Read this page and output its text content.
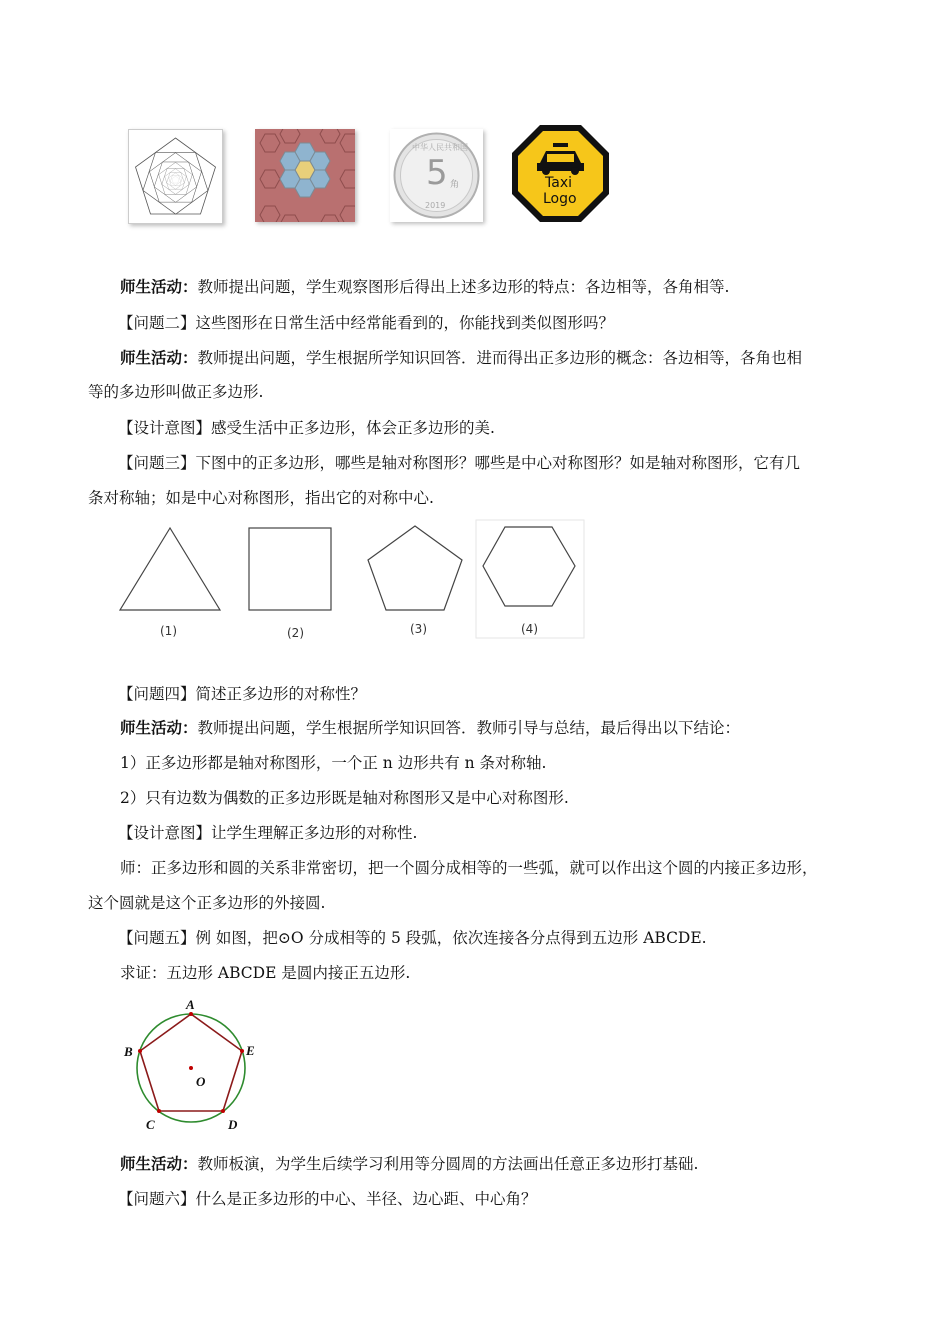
5 角
中华人民共和国
2019
Taxi
Logo
师生活动：教师提出问题，学生观察图形后得出上述多边形的特点：各边相等，各角相等.
【问题二】这些图形在日常生活中经常能看到的，你能找到类似图形吗？
师生活动：教师提出问题，学生根据所学知识回答．进而得出正多边形的概念：各边相等，各角也相
等的多边形叫做正多边形.
【设计意图】感受生活中正多边形，体会正多边形的美.
【问题三】下图中的正多边形，哪些是轴对称图形？哪些是中心对称图形？如是轴对称图形，它有几
条对称轴；如是中心对称图形，指出它的对称中心.
(1)	(2)	(3)	(4)
【问题四】简述正多边形的对称性？
师生活动：教师提出问题，学生根据所学知识回答．教师引导与总结，最后得出以下结论：
1）正多边形都是轴对称图形，一个正 n 边形共有 n 条对称轴.
2）只有边数为偶数的正多边形既是轴对称图形又是中心对称图形.
【设计意图】让学生理解正多边形的对称性.
师：正多边形和圆的关系非常密切，把一个圆分成相等的一些弧，就可以作出这个圆的内接正多边形，
这个圆就是这个正多边形的外接圆.
【问题五】例 如图，把⊙O 分成相等的 5 段弧，依次连接各分点得到五边形 ABCDE.
求证：五边形 ABCDE 是圆内接正五边形.
A
B
C	D
E
O
师生活动：教师板演，为学生后续学习利用等分圆周的方法画出任意正多边形打基础.
【问题六】什么是正多边形的中心、半径、边心距、中心角？
